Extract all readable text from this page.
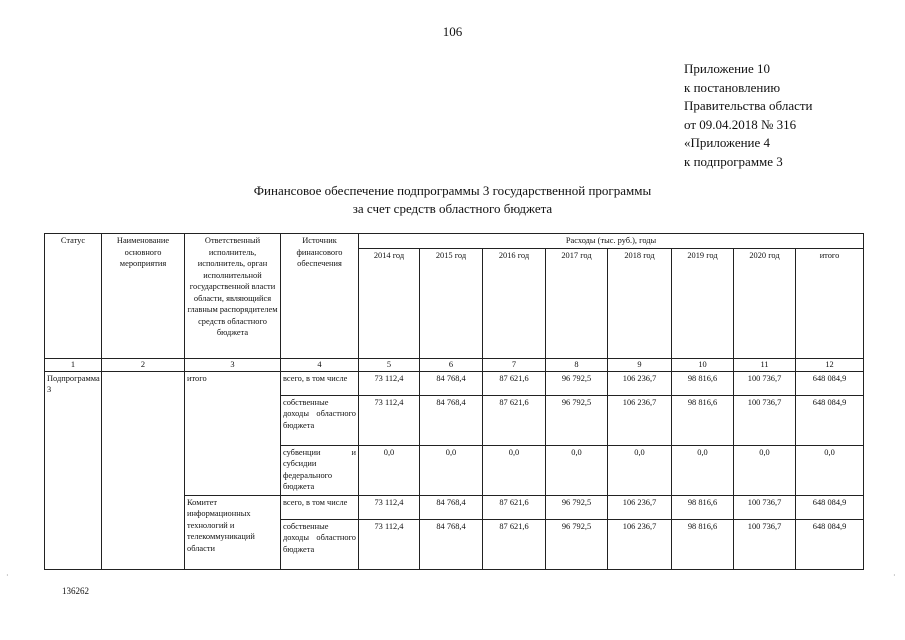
106
Приложение 10
к постановлению
Правительства области
от 09.04.2018 № 316
«Приложение 4
к подпрограмме 3
Финансовое обеспечение подпрограммы 3 государственной программы
за счет средств областного бюджета
Статус	Наименование основного мероприятия	Ответственный исполнитель, исполнитель, орган исполнительной государственной власти области, являющийся главным распорядителем средств областного бюджета	Источник финансового обеспечения	Расходы (тыс. руб.), годы							
				2014 год	2015 год	2016 год	2017 год	2018 год	2019 год	2020 год	итого
1	2	3	4	5	6	7	8	9	10	11	12
Подпрограмма 3		итого	всего, в том числе	73 112,4	84 768,4	87 621,6	96 792,5	106 236,7	98 816,6	100 736,7	648 084,9
			собственные доходы областного бюджета	73 112,4	84 768,4	87 621,6	96 792,5	106 236,7	98 816,6	100 736,7	648 084,9
			субвенции и субсидии федерального бюджета	0,0	0,0	0,0	0,0	0,0	0,0	0,0	0,0
		Комитет информационных технологий и телекоммуникаций области	всего, в том числе	73 112,4	84 768,4	87 621,6	96 792,5	106 236,7	98 816,6	100 736,7	648 084,9
			собственные доходы областного бюджета	73 112,4	84 768,4	87 621,6	96 792,5	106 236,7	98 816,6	100 736,7	648 084,9
136262
·	·
